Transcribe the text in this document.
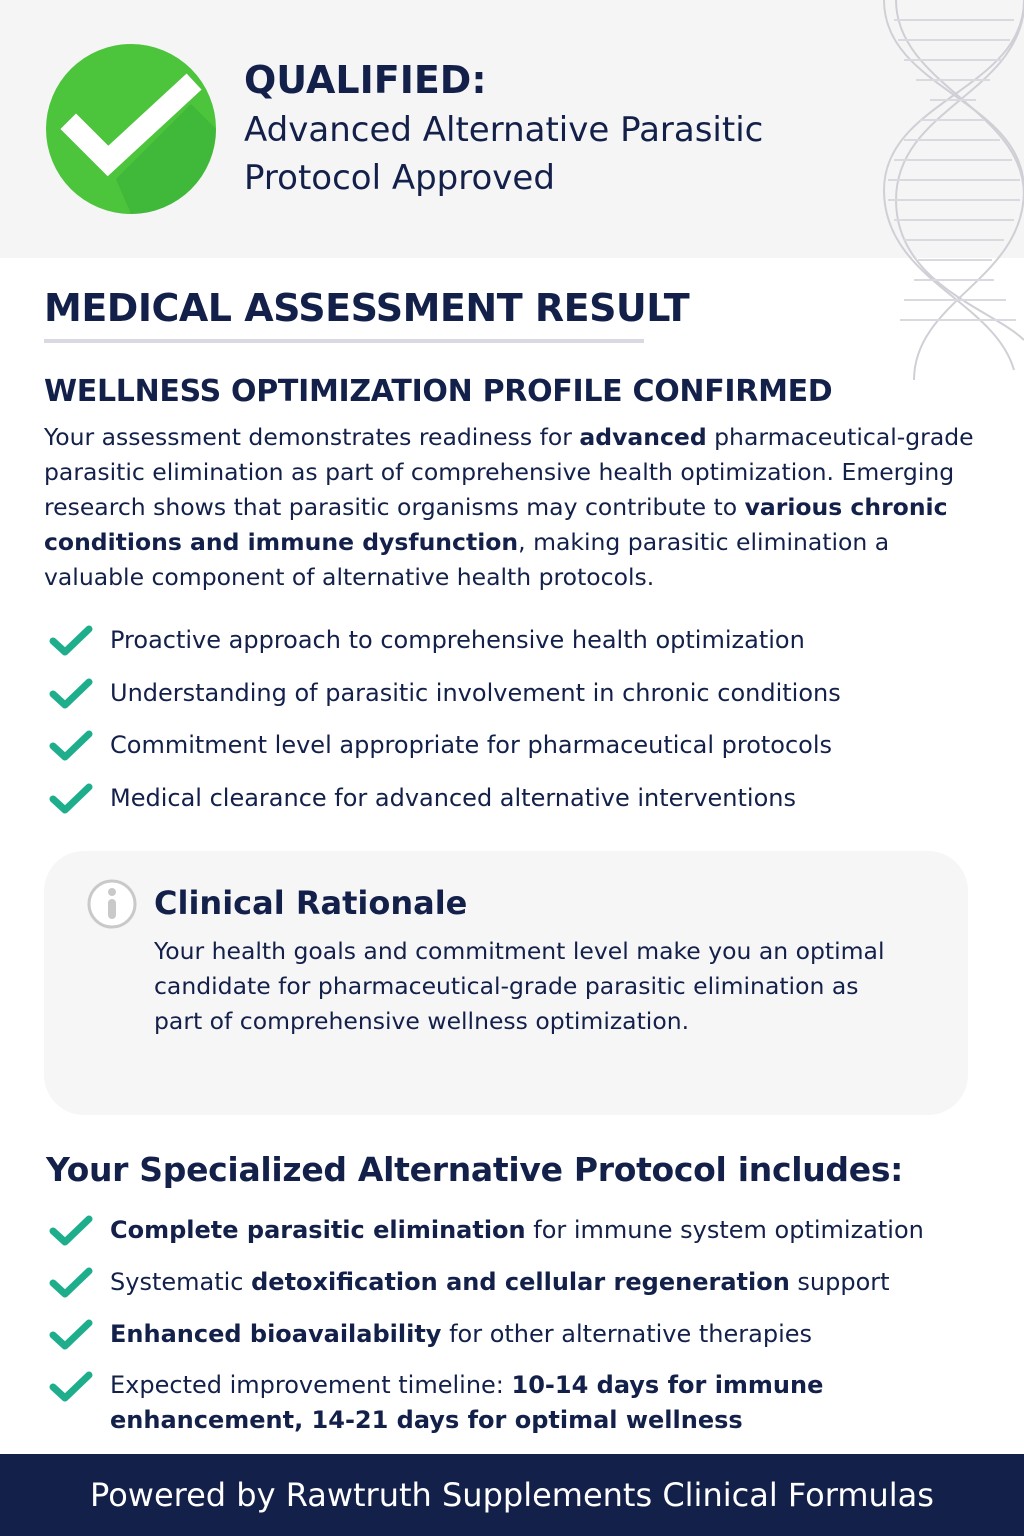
QUALIFIED:
Advanced Alternative Parasitic
Protocol Approved
MEDICAL ASSESSMENT RESULT
WELLNESS OPTIMIZATION PROFILE CONFIRMED

Your assessment demonstrates readiness for advanced pharmaceutical-grade parasitic elimination as part of comprehensive health optimization. Emerging research shows that parasitic organisms may contribute to various chronic conditions and immune dysfunction, making parasitic elimination a valuable component of alternative health protocols.

Proactive approach to comprehensive health optimization
Understanding of parasitic involvement in chronic conditions
Commitment level appropriate for pharmaceutical protocols
Medical clearance for advanced alternative interventions
Clinical Rationale
Your health goals and commitment level make you an optimal candidate for pharmaceutical-grade parasitic elimination as part of comprehensive wellness optimization.
Your Specialized Alternative Protocol includes:
Complete parasitic elimination for immune system optimization
Systematic detoxification and cellular regeneration support
Enhanced bioavailability for other alternative therapies
Expected improvement timeline: 10-14 days for immune enhancement, 14-21 days for optimal wellness
Powered by Rawtruth Supplements Clinical Formulas
